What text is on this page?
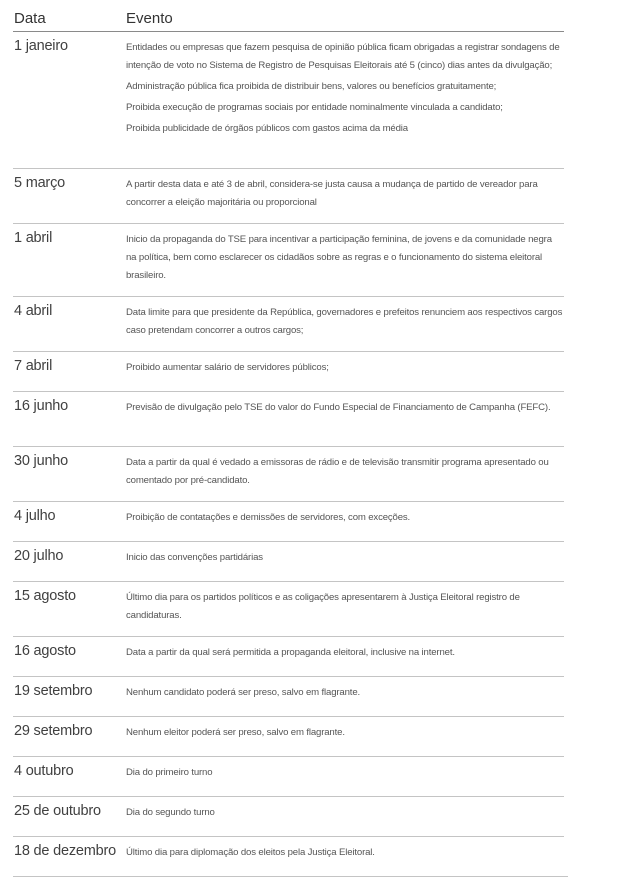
Data	Evento
1 janeiro	Entidades ou empresas que fazem pesquisa de opinião pública ficam obrigadas a registrar sondagens de intenção de voto no Sistema de Registro de Pesquisas Eleitorais até 5 (cinco) dias antes da divulgação;

Administração pública fica proibida de distribuir bens, valores ou benefícios gratuitamente;

Proibida execução de programas sociais por entidade nominalmente vinculada a candidato;

Proibida publicidade de órgãos públicos com gastos acima da média

5 março	A partir desta data e até 3 de abril, considera-se justa causa a mudança de partido de vereador para concorrer a eleição majoritária ou proporcional

1 abril	Inicio da propaganda do TSE para incentivar a participação feminina, de jovens e da comunidade negra na política, bem como esclarecer os cidadãos sobre as regras e o funcionamento do sistema eleitoral brasileiro.

4 abril	Data limite para que presidente da República, governadores e prefeitos renunciem aos respectivos cargos caso pretendam concorrer a outros cargos;

7 abril	Proibido aumentar salário de servidores públicos;

16 junho	Previsão de divulgação pelo TSE do valor do Fundo Especial de Financiamento de Campanha (FEFC).

30 junho	Data a partir da qual é vedado a emissoras de rádio e de televisão transmitir programa apresentado ou comentado por pré-candidato.

4 julho	Proibição de contatações e demissões de servidores, com exceções.

20 julho	Inicio das convenções partidárias

15 agosto	Último dia para os partidos políticos e as coligações apresentarem à Justiça Eleitoral registro de candidaturas.

16 agosto	Data a partir da qual será permitida a propaganda eleitoral, inclusive na internet.

19 setembro	Nenhum candidato poderá ser preso, salvo em flagrante.

29 setembro	Nenhum eleitor poderá ser preso, salvo em flagrante.

4 outubro	Dia do primeiro turno

25 de outubro	Dia do segundo turno

18 de dezembro	Último dia para diplomação dos eleitos pela Justiça Eleitoral.
